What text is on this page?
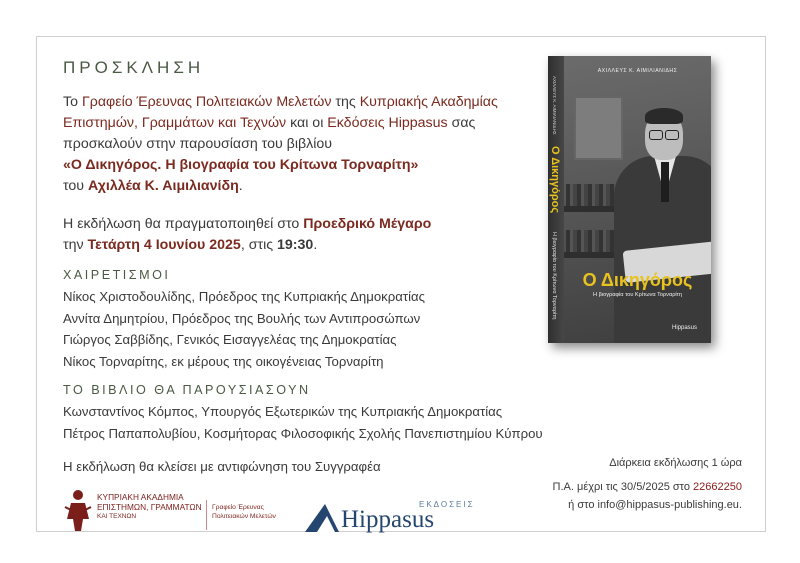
ΠΡΟΣΚΛΗΣΗ
Το Γραφείο Έρευνας Πολιτειακών Μελετών της Κυπριακής Ακαδημίας Επιστημών, Γραμμάτων και Τεχνών και οι Εκδόσεις Hippasus σας προσκαλούν στην παρουσίαση του βιβλίου
«Ο Δικηγόρος. Η βιογραφία του Κρίτωνα Τορναρίτη»
του Αχιλλέα Κ. Αιμιλιανίδη.
Η εκδήλωση θα πραγματοποιηθεί στο Προεδρικό Μέγαρο
την Τετάρτη 4 Ιουνίου 2025, στις 19:30.
ΧΑΙΡΕΤΙΣΜΟΙ
Νίκος Χριστοδουλίδης, Πρόεδρος της Κυπριακής Δημοκρατίας
Αννίτα Δημητρίου, Πρόεδρος της Βουλής των Αντιπροσώπων
Γιώργος Σαββίδης, Γενικός Εισαγγελέας της Δημοκρατίας
Νίκος Τορναρίτης, εκ μέρους της οικογένειας Τορναρίτη
ΤΟ ΒΙΒΛΙΟ ΘΑ ΠΑΡΟΥΣΙΑΣΟΥΝ
Κωνσταντίνος Κόμπος, Υπουργός Εξωτερικών της Κυπριακής Δημοκρατίας
Πέτρος Παπαπολυβίου, Κοσμήτορας Φιλοσοφικής Σχολής Πανεπιστημίου Κύπρου
Η εκδήλωση θα κλείσει με αντιφώνηση του Συγγραφέα	Διάρκεια εκδήλωσης 1 ώρα
Π.Α. μέχρι τις 30/5/2025 στο 22662250
ή στο info@hippasus-publishing.eu.
ΑΧΙΛΛΕΥΣ Κ. ΑΙΜΙΛΙΑΝΙΔΗΣ
Ο Δικηγόρος
Η βιογραφία του Κρίτωνα Τορναρίτη
ΑΧΙΛΛΕΥΣ Κ. ΑΙΜΙΛΙΑΝΙΔΗΣ
Ο Δικηγόρος
Η βιογραφία του Κρίτωνα Τορναρίτη
Hippasus
ΚΥΠΡΙΑΚΗ ΑΚΑΔΗΜΙΑ
ΕΠΙΣΤΗΜΩΝ, ΓΡΑΜΜΑΤΩΝ
ΚΑΙ ΤΕΧΝΩΝ
Γραφείο Έρευνας
Πολιτειακών Μελετών
ΕΚΔΟΣΕΙΣ
Hippasus
